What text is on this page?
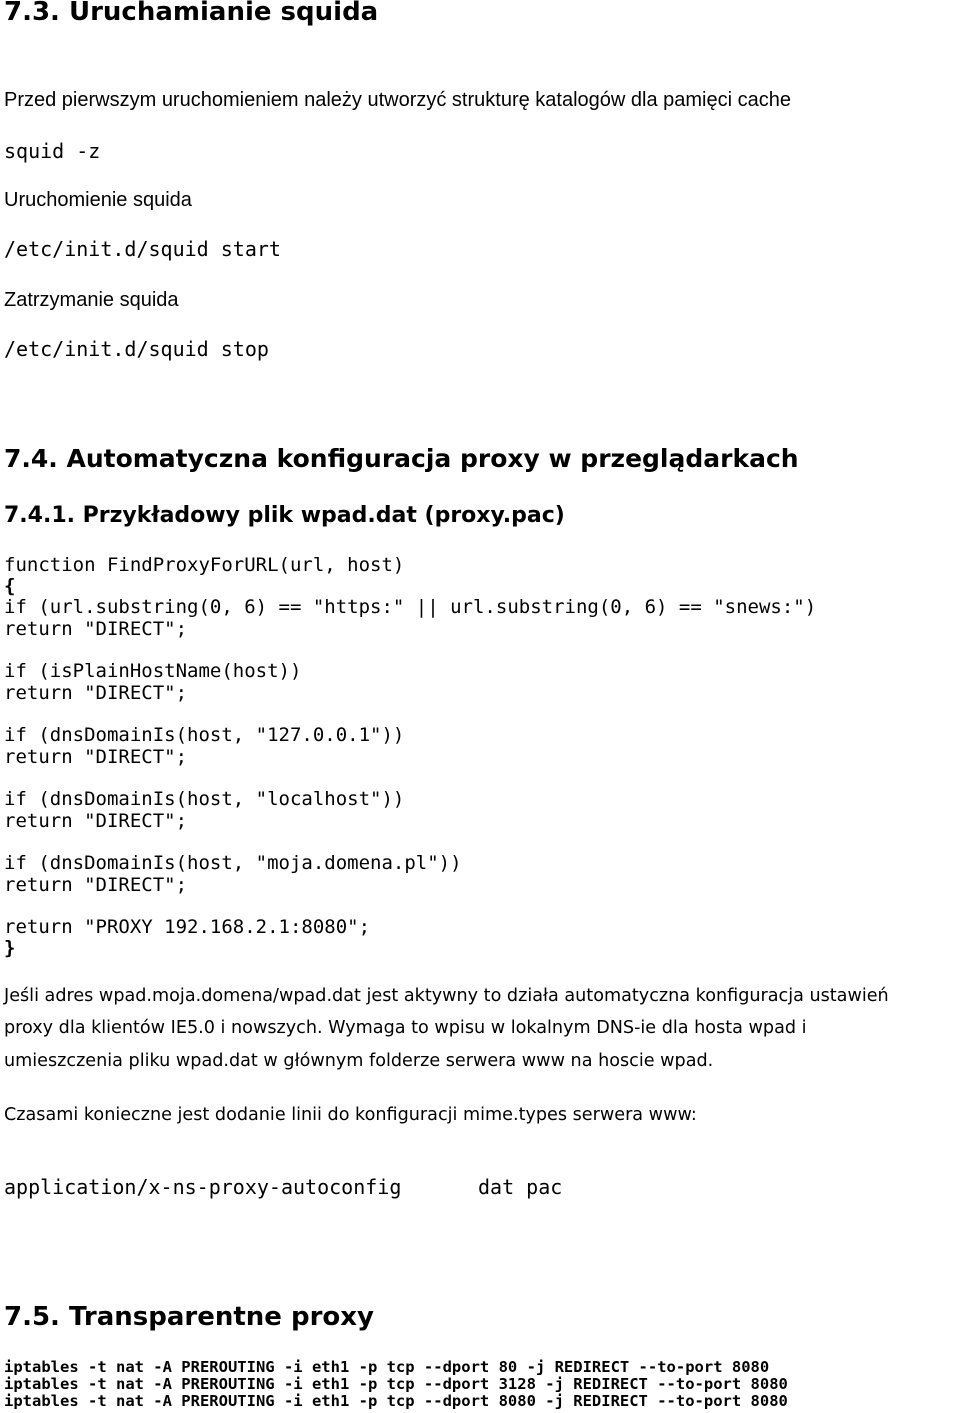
7.3. Uruchamianie squida
Przed pierwszym uruchomieniem należy utworzyć strukturę katalogów dla pamięci cache
squid -z
Uruchomienie squida
/etc/init.d/squid start
Zatrzymanie squida
/etc/init.d/squid stop
7.4. Automatyczna konfiguracja proxy w przeglądarkach
7.4.1. Przykładowy plik wpad.dat (proxy.pac)
function FindProxyForURL(url, host)
{
if (url.substring(0, 6) == "https:" || url.substring(0, 6) == "snews:")
return "DIRECT";
if (isPlainHostName(host))
return "DIRECT";
if (dnsDomainIs(host, "127.0.0.1"))
return "DIRECT";
if (dnsDomainIs(host, "localhost"))
return "DIRECT";
if (dnsDomainIs(host, "moja.domena.pl"))
return "DIRECT";
return "PROXY 192.168.2.1:8080";
}
Jeśli adres wpad.moja.domena/wpad.dat jest aktywny to działa automatyczna konfiguracja ustawień
proxy dla klientów IE5.0 i nowszych. Wymaga to wpisu w lokalnym DNS-ie dla hosta wpad i
umieszczenia pliku wpad.dat w głównym folderze serwera www na hoscie wpad.
Czasami konieczne jest dodanie linii do konfiguracji mime.types serwera www:
application/x-ns-proxy-autoconfig	dat pac
7.5. Transparentne proxy
iptables -t nat -A PREROUTING -i eth1 -p tcp --dport 80 -j REDIRECT --to-port 8080
iptables -t nat -A PREROUTING -i eth1 -p tcp --dport 3128 -j REDIRECT --to-port 8080
iptables -t nat -A PREROUTING -i eth1 -p tcp --dport 8080 -j REDIRECT --to-port 8080
